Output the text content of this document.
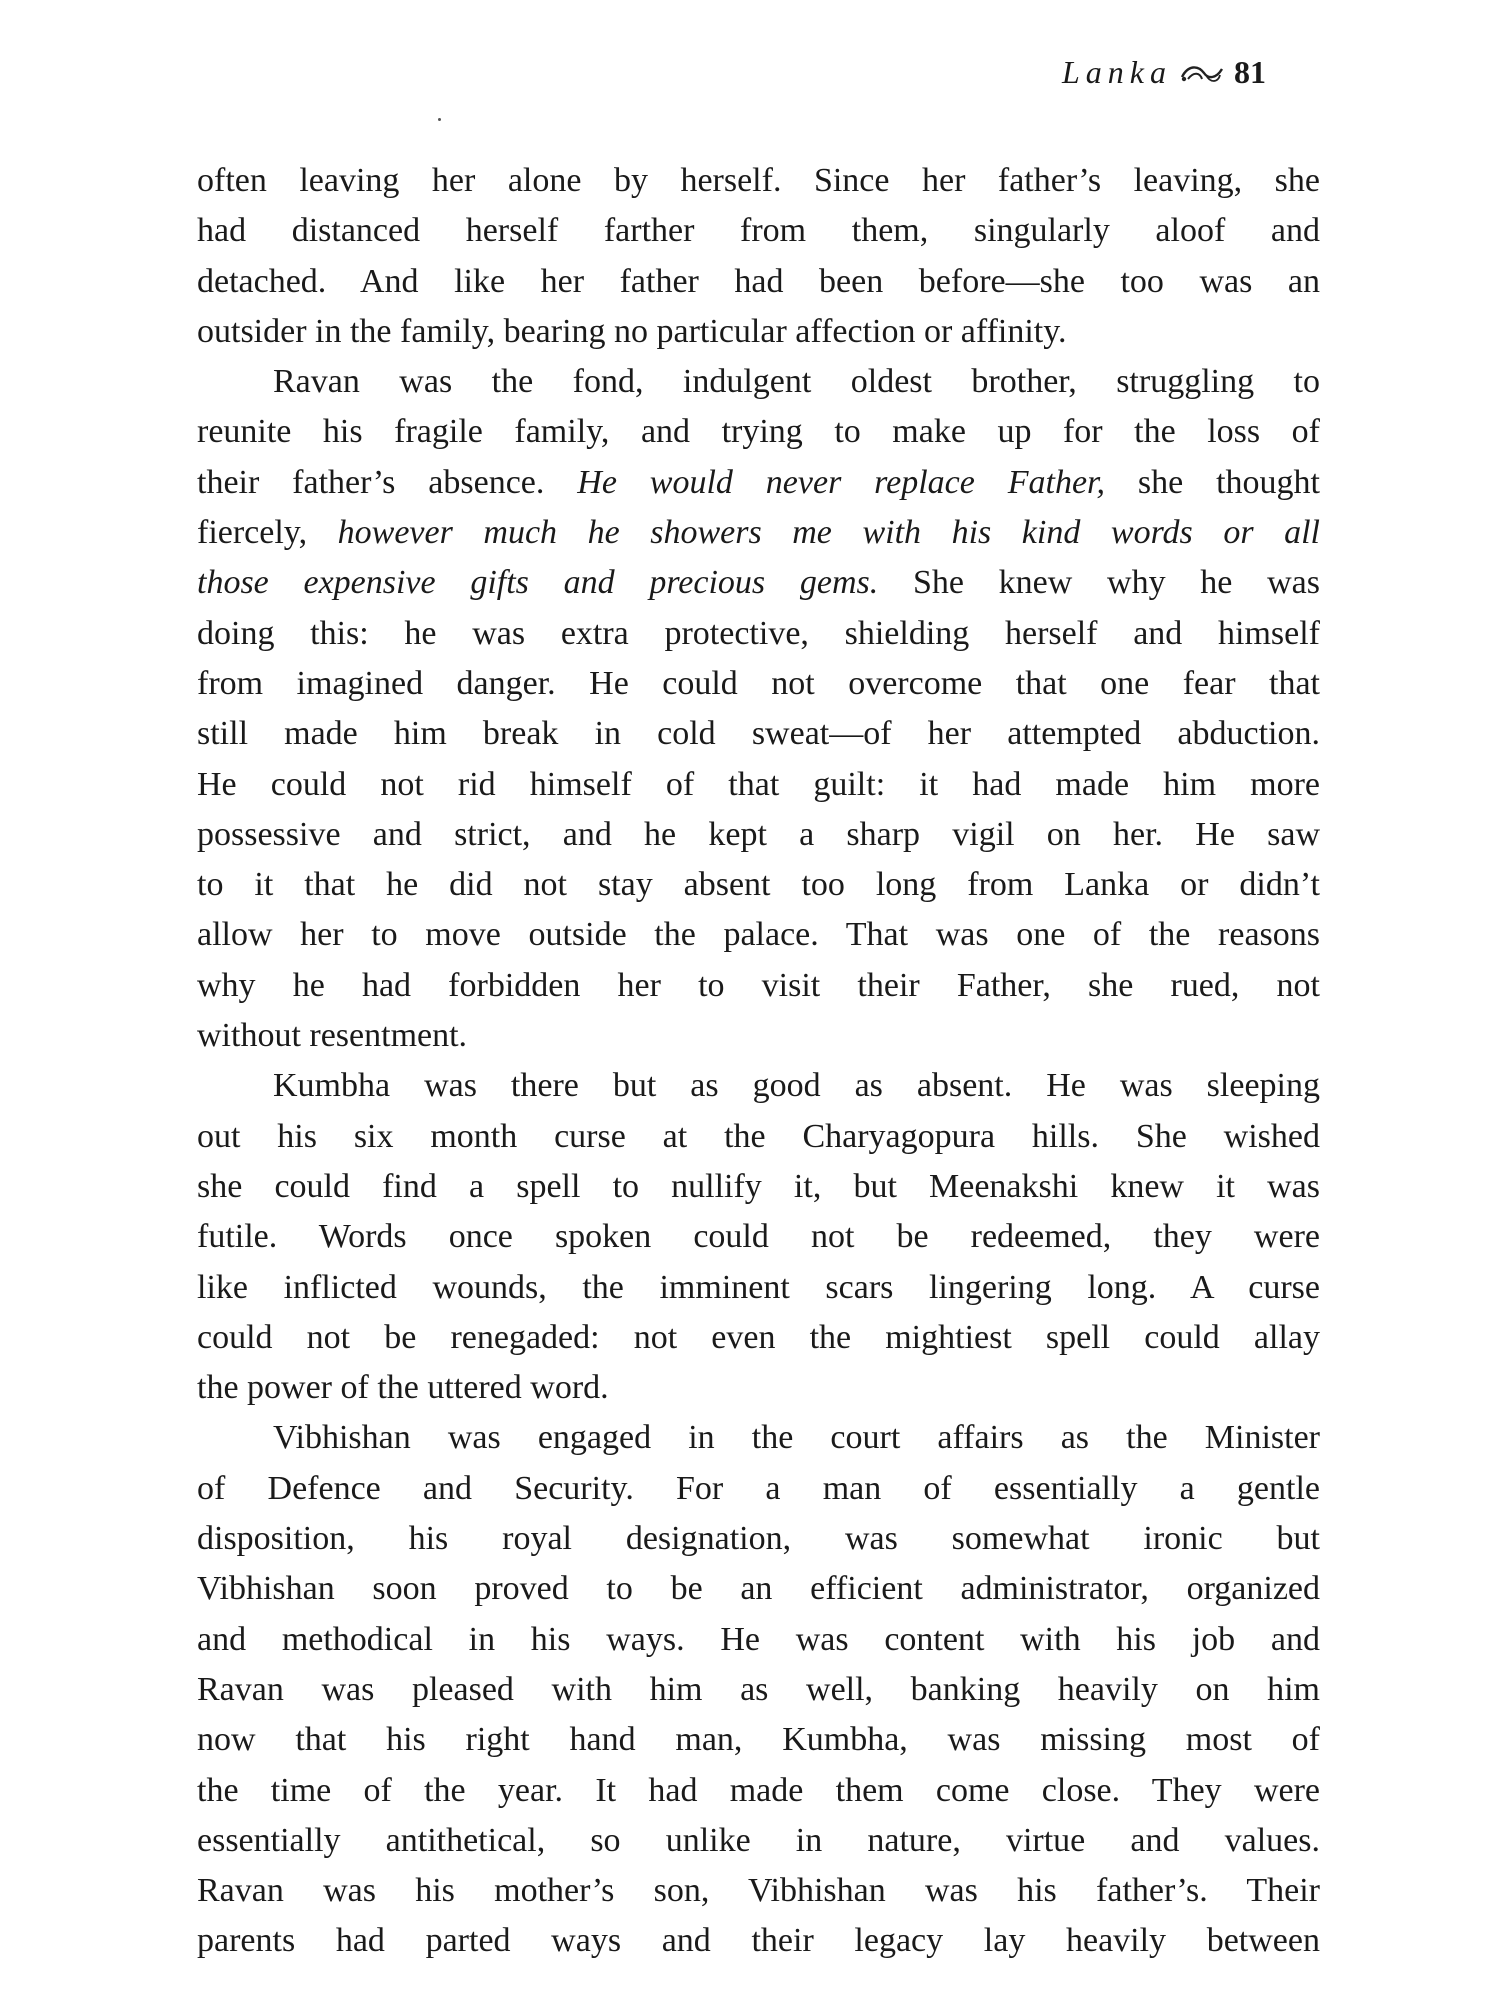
Lanka 81
often leaving her alone by herself. Since her father’s leaving, she
had distanced herself farther from them, singularly aloof and
detached. And like her father had been before—she too was an
outsider in the family, bearing no particular affection or affinity.
Ravan was the fond, indulgent oldest brother, struggling to
reunite his fragile family, and trying to make up for the loss of
their father’s absence. He would never replace Father, she thought
fiercely, however much he showers me with his kind words or all
those expensive gifts and precious gems. She knew why he was
doing this: he was extra protective, shielding herself and himself
from imagined danger. He could not overcome that one fear that
still made him break in cold sweat—of her attempted abduction.
He could not rid himself of that guilt: it had made him more
possessive and strict, and he kept a sharp vigil on her. He saw
to it that he did not stay absent too long from Lanka or didn’t
allow her to move outside the palace. That was one of the reasons
why he had forbidden her to visit their Father, she rued, not
without resentment.
Kumbha was there but as good as absent. He was sleeping
out his six month curse at the Charyagopura hills. She wished
she could find a spell to nullify it, but Meenakshi knew it was
futile. Words once spoken could not be redeemed, they were
like inflicted wounds, the imminent scars lingering long. A curse
could not be renegaded: not even the mightiest spell could allay
the power of the uttered word.
Vibhishan was engaged in the court affairs as the Minister
of Defence and Security. For a man of essentially a gentle
disposition, his royal designation, was somewhat ironic but
Vibhishan soon proved to be an efficient administrator, organized
and methodical in his ways. He was content with his job and
Ravan was pleased with him as well, banking heavily on him
now that his right hand man, Kumbha, was missing most of
the time of the year. It had made them come close. They were
essentially antithetical, so unlike in nature, virtue and values.
Ravan was his mother’s son, Vibhishan was his father’s. Their
parents had parted ways and their legacy lay heavily between
